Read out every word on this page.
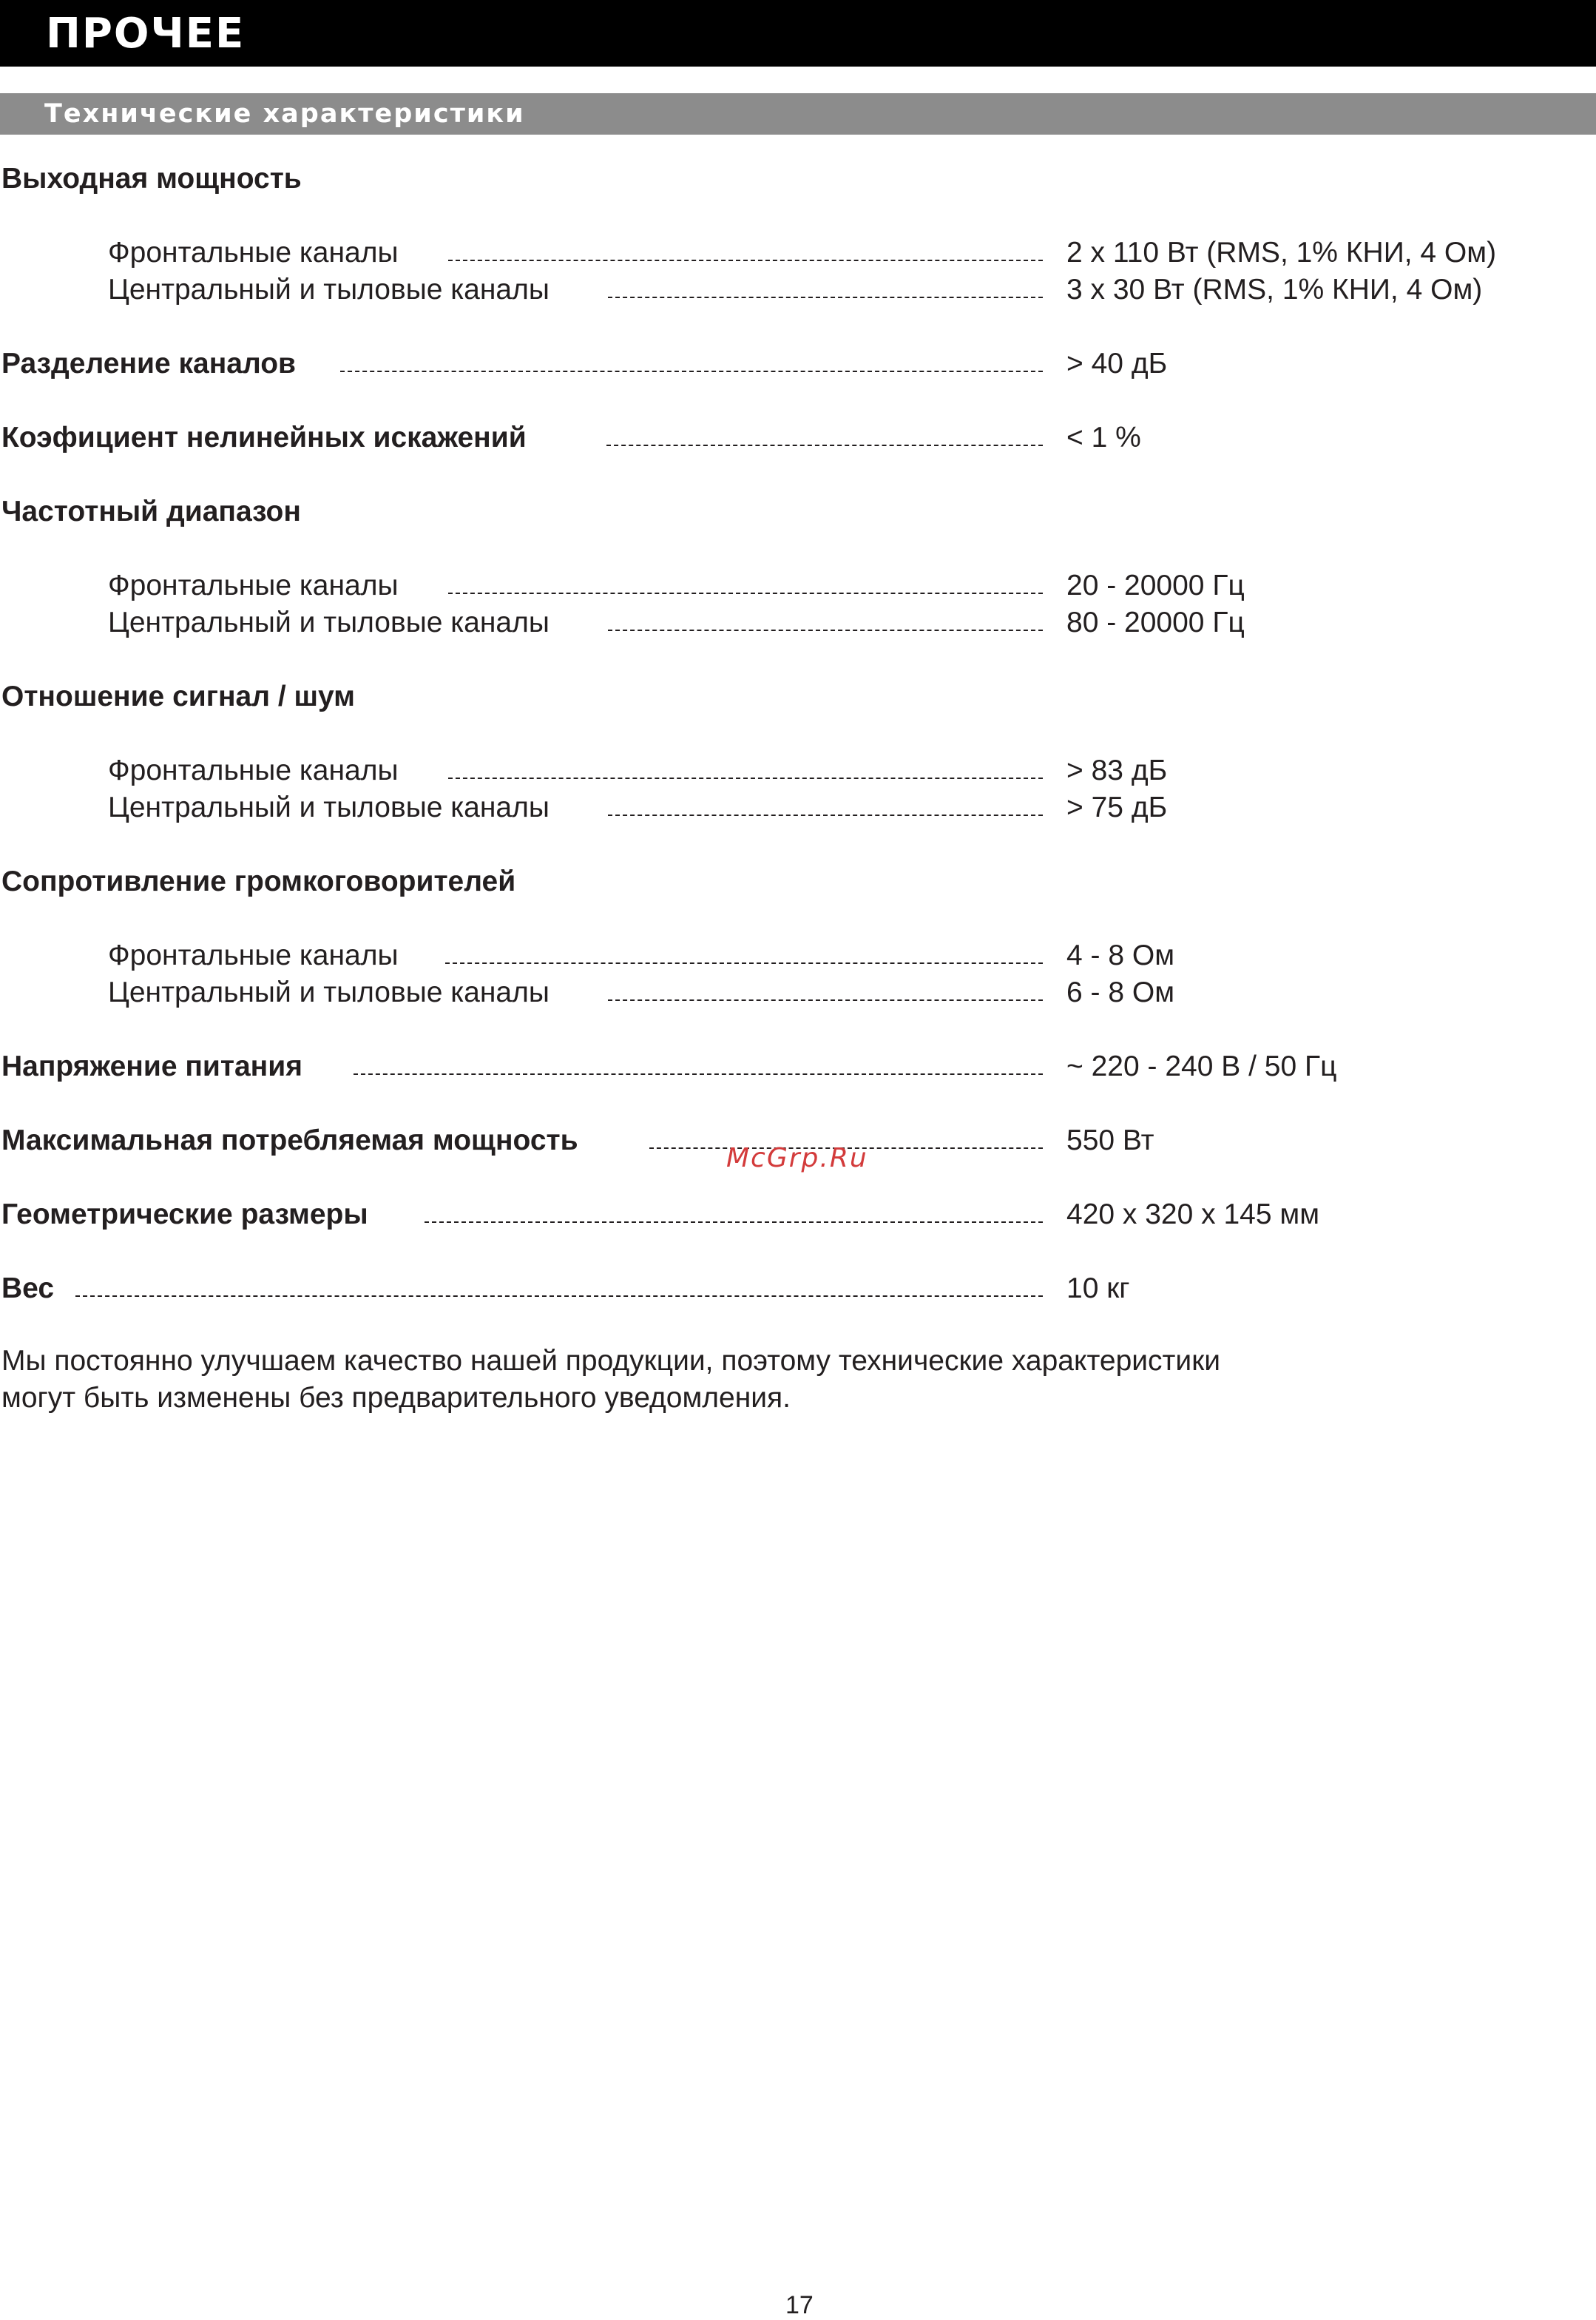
ПРОЧЕЕ
Технические характеристики
Выходная мощность
Фронтальные каналы	2 x 110 Вт (RMS, 1% КНИ, 4 Ом)
Центральный и тыловые каналы	3 x 30 Вт (RMS, 1% КНИ, 4 Ом)
Разделение каналов	> 40 дБ
Коэфициент нелинейных искажений	< 1 %
Частотный диапазон
Фронтальные каналы	20 - 20000 Гц
Центральный и тыловые каналы	80 - 20000 Гц
Отношение сигнал / шум
Фронтальные каналы	> 83 дБ
Центральный и тыловые каналы	> 75 дБ
Сопротивление громкоговорителей
Фронтальные каналы	4 - 8 Ом
Центральный и тыловые каналы	6 - 8 Ом
Напряжение питания	~ 220 - 240 В / 50 Гц
Максимальная потребляемая мощность	550 Вт
Геометрические размеры	420 x 320 x 145 мм
Вес	10 кг
McGrp.Ru
Мы постоянно улучшаем качество нашей продукции, поэтому технические характеристики
могут быть изменены без предварительного уведомления.
17
